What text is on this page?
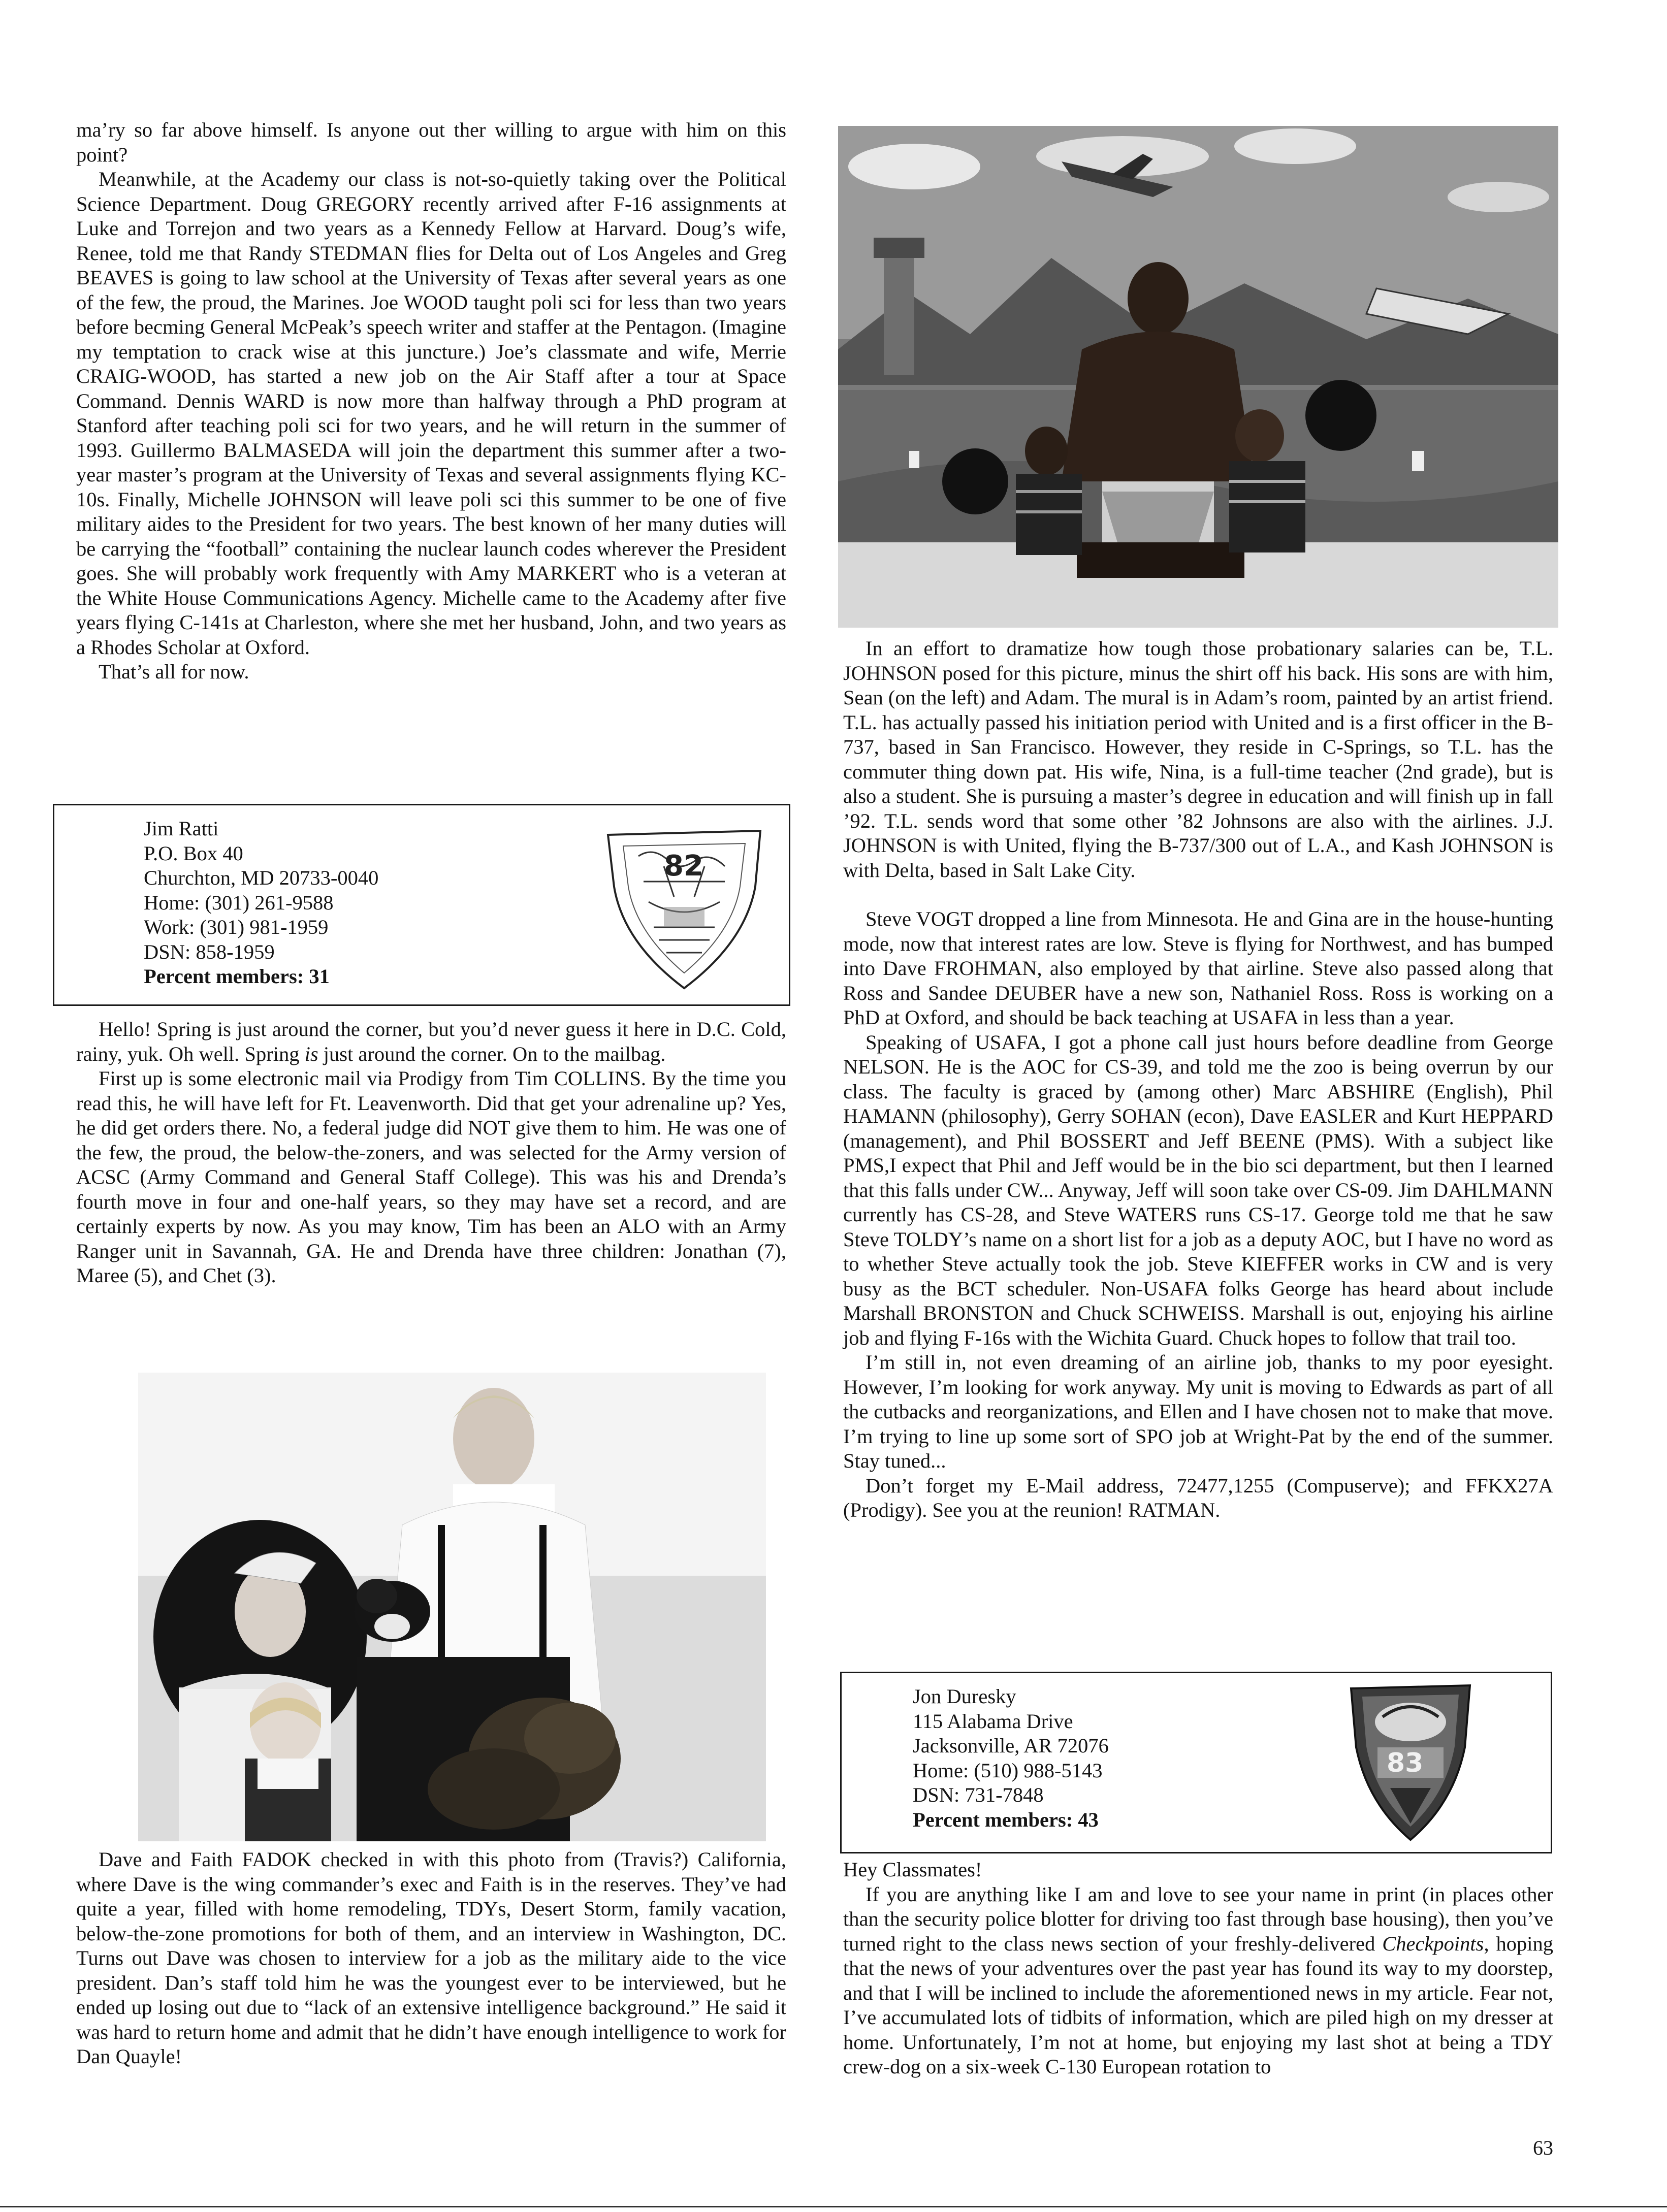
ma’ry so far above himself. Is anyone out ther willing to argue with him on this point?

Meanwhile, at the Academy our class is not-so-quietly taking over the Political Science Department. Doug GREGORY recently arrived after F-16 assignments at Luke and Torrejon and two years as a Kennedy Fellow at Harvard. Doug’s wife, Renee, told me that Randy STEDMAN flies for Delta out of Los Angeles and Greg BEAVES is going to law school at the University of Texas after several years as one of the few, the proud, the Marines. Joe WOOD taught poli sci for less than two years before becming General McPeak’s speech writer and staffer at the Pentagon. (Imagine my temptation to crack wise at this juncture.) Joe’s classmate and wife, Merrie CRAIG-WOOD, has started a new job on the Air Staff after a tour at Space Command. Dennis WARD is now more than halfway through a PhD program at Stanford after teaching poli sci for two years, and he will return in the summer of 1993. Guillermo BALMASEDA will join the department this summer after a two-year master’s program at the University of Texas and several assignments flying KC-10s. Finally, Michelle JOHNSON will leave poli sci this summer to be one of five military aides to the President for two years. The best known of her many duties will be carrying the “football” containing the nuclear launch codes wherever the President goes. She will probably work frequently with Amy MARKERT who is a veteran at the White House Communications Agency. Michelle came to the Academy after five years flying C-141s at Charleston, where she met her husband, John, and two years as a Rhodes Scholar at Oxford.

That’s all for now.

Jim Ratti
P.O. Box 40
Churchton, MD 20733-0040
Home: (301) 261-9588
Work: (301) 981-1959
DSN: 858-1959
Percent members: 31
82

Hello! Spring is just around the corner, but you’d never guess it here in D.C. Cold, rainy, yuk. Oh well. Spring is just around the corner. On to the mailbag.

First up is some electronic mail via Prodigy from Tim COLLINS. By the time you read this, he will have left for Ft. Leavenworth. Did that get your adrenaline up? Yes, he did get orders there. No, a federal judge did NOT give them to him. He was one of the few, the proud, the below-the-zoners, and was selected for the Army version of ACSC (Army Command and General Staff College). This was his and Drenda’s fourth move in four and one-half years, so they may have set a record, and are certainly experts by now. As you may know, Tim has been an ALO with an Army Ranger unit in Savannah, GA. He and Drenda have three children: Jonathan (7), Maree (5), and Chet (3).

Dave and Faith FADOK checked in with this photo from (Travis?) California, where Dave is the wing commander’s exec and Faith is in the reserves. They’ve had quite a year, filled with home remodeling, TDYs, Desert Storm, family vacation, below-the-zone promotions for both of them, and an interview in Washington, DC. Turns out Dave was chosen to interview for a job as the military aide to the vice president. Dan’s staff told him he was the youngest ever to be interviewed, but he ended up losing out due to “lack of an extensive intelligence background.” He said it was hard to return home and admit that he didn’t have enough intelligence to work for Dan Quayle!

In an effort to dramatize how tough those probationary salaries can be, T.L. JOHNSON posed for this picture, minus the shirt off his back. His sons are with him, Sean (on the left) and Adam. The mural is in Adam’s room, painted by an artist friend. T.L. has actually passed his initiation period with United and is a first officer in the B-737, based in San Francisco. However, they reside in C-Springs, so T.L. has the commuter thing down pat. His wife, Nina, is a full-time teacher (2nd grade), but is also a student. She is pursuing a master’s degree in education and will finish up in fall ’92. T.L. sends word that some other ’82 Johnsons are also with the airlines. J.J. JOHNSON is with United, flying the B-737/300 out of L.A., and Kash JOHNSON is with Delta, based in Salt Lake City.

Steve VOGT dropped a line from Minnesota. He and Gina are in the house-hunting mode, now that interest rates are low. Steve is flying for Northwest, and has bumped into Dave FROHMAN, also employed by that airline. Steve also passed along that Ross and Sandee DEUBER have a new son, Nathaniel Ross. Ross is working on a PhD at Oxford, and should be back teaching at USAFA in less than a year.

Speaking of USAFA, I got a phone call just hours before deadline from George NELSON. He is the AOC for CS-39, and told me the zoo is being overrun by our class. The faculty is graced by (among other) Marc ABSHIRE (English), Phil HAMANN (philosophy), Gerry SOHAN (econ), Dave EASLER and Kurt HEPPARD (management), and Phil BOSSERT and Jeff BEENE (PMS). With a subject like PMS,I expect that Phil and Jeff would be in the bio sci department, but then I learned that this falls under CW... Anyway, Jeff will soon take over CS-09. Jim DAHLMANN currently has CS-28, and Steve WATERS runs CS-17. George told me that he saw Steve TOLDY’s name on a short list for a job as a deputy AOC, but I have no word as to whether Steve actually took the job. Steve KIEFFER works in CW and is very busy as the BCT scheduler. Non-USAFA folks George has heard about include Marshall BRONSTON and Chuck SCHWEISS. Marshall is out, enjoying his airline job and flying F-16s with the Wichita Guard. Chuck hopes to follow that trail too.

I’m still in, not even dreaming of an airline job, thanks to my poor eyesight. However, I’m looking for work anyway. My unit is moving to Edwards as part of all the cutbacks and reorganizations, and Ellen and I have chosen not to make that move. I’m trying to line up some sort of SPO job at Wright-Pat by the end of the summer. Stay tuned...

Don’t forget my E-Mail address, 72477,1255 (Compuserve); and FFKX27A (Prodigy). See you at the reunion! RATMAN.

Jon Duresky
115 Alabama Drive
Jacksonville, AR 72076
Home: (510) 988-5143
DSN: 731-7848
Percent members: 43
83

Hey Classmates!

If you are anything like I am and love to see your name in print (in places other than the security police blotter for driving too fast through base housing), then you’ve turned right to the class news section of your freshly-delivered Checkpoints, hoping that the news of your adventures over the past year has found its way to my doorstep, and that I will be inclined to include the aforementioned news in my article. Fear not, I’ve accumulated lots of tidbits of information, which are piled high on my dresser at home. Unfortunately, I’m not at home, but enjoying my last shot at being a TDY crew-dog on a six-week C-130 European rotation to

63
